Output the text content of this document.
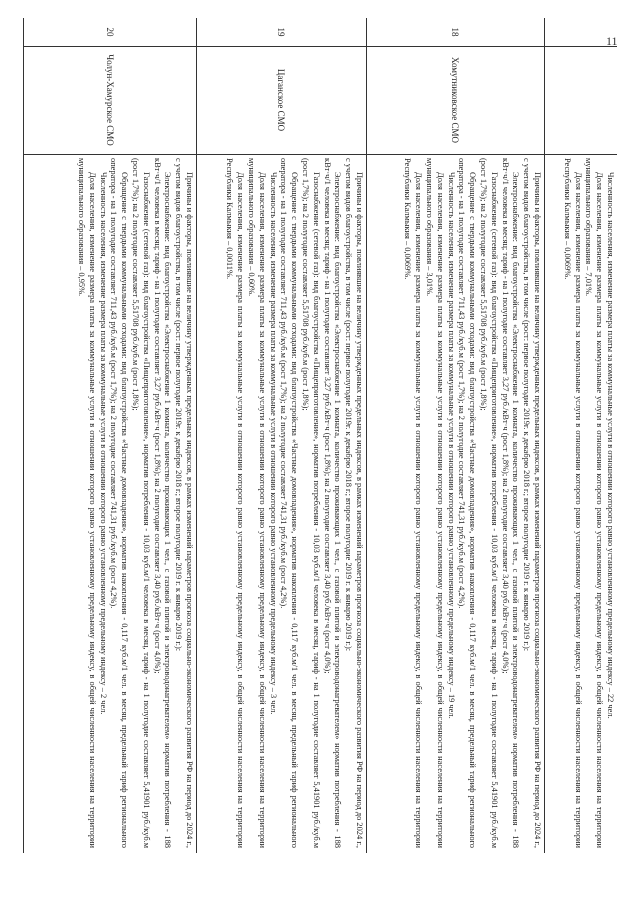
11

Численность населения, изменение размера платы за коммунальные услуги в отношении которого равно установленному предельному индексу – 22 чел.

Доля населения, изменение размера платы за коммунальные услуги в отношении которого равно установленному предельному индексу, в общей численности населения на территории муниципального образования – 7,01%.

Доля населения, изменение размера платы за коммунальные услуги в отношении которого равно установленному предельному индексу, в общей численности населения на территории Республики Калмыкия – 0,0069%.

18
Хомутниковское СМО

Причины и факторы, повлиявшие на величину утвержденных предельных индексов, в рамках изменений параметров прогноза социально-экономического развития РФ на период до 2024 г., с учетом видов благоустройства, в том числе (рост: первое полугодие 2019г. к декабрю 2018 г.; второе полугодие 2019 г. к январю 2019 г.):

Электроснабжение: вид благоустройства «Электроснабжение 1 комната, количество проживающих 1 чел., с газовой плитой и электроводонагревателем» норматив потребления - 188 кВт·ч/1 человека в месяц; тариф - на 1 полугодие составляет 3,27 руб./кВт·ч (рост 1,8%); на 2 полугодие составляет 3,40 руб./кВт·ч (рост 4,0%);

Газоснабжение (сетевой газ): вид благоустройства «Пищеприготовление», норматив потребления - 10,03 куб.м/1 человека в месяц, тариф - на 1 полугодие составляет 5,41901 руб./куб.м (рост 1,7%); на 2 полугодие составляет 5,51708 руб./куб.м (рост 1,8%);

Обращение с твердыми коммунальными отходами: вид благоустройства «Частные домовладения», норматив накопления - 0,117 куб.м/1 чел. в месяц, предельный тариф регионального оператора - на 1 полугодие составляет 711,43 руб./куб.м (рост 1,7%); на 2 полугодие составляет 741,31 руб./куб.м (рост 4,2%).

Численность населения, изменение размера платы за коммунальные услуги в отношении которого равно установленному предельному индексу – 19 чел.

Доля населения, изменение размера платы за коммунальные услуги в отношении которого равно установленному предельному индексу, в общей численности населения на территории муниципального образования – 3,01%.

Доля населения, изменение размера платы за коммунальные услуги в отношении которого равно установленному предельному индексу, в общей численности населения на территории Республики Калмыкия – 0,0069%.

19
Цаганское СМО

Причины и факторы, повлиявшие на величину утвержденных предельных индексов, в рамках изменений параметров прогноза социально-экономического развития РФ на период до 2024 г., с учетом видов благоустройства, в том числе (рост: первое полугодие 2019г. к декабрю 2018 г.; второе полугодие 2019 г. к январю 2019 г.):

Электроснабжение: вид благоустройства «Электроснабжение 1 комната, количество проживающих 1 чел., с газовой плитой и электроводонагревателем» норматив потребления - 188 кВт·ч/1 человека в месяц; тариф - на 1 полугодие составляет 3,27 руб./кВт·ч (рост 1,8%); на 2 полугодие составляет 3,40 руб./кВт·ч (рост 4,0%);

Газоснабжение (сетевой газ): вид благоустройства «Пищеприготовление», норматив потребления - 10,03 куб.м/1 человека в месяц, тариф - на 1 полугодие составляет 5,41901 руб./куб.м (рост 1,7%); на 2 полугодие составляет 5,51708 руб./куб.м (рост 1,8%);

Обращение с твердыми коммунальными отходами: вид благоустройства «Частные домовладения», норматив накопления - 0,117 куб.м/1 чел. в месяц, предельный тариф регионального оператора - на 1 полугодие составляет 711,43 руб./куб.м (рост 1,7%); на 2 полугодие составляет 741,31 руб./куб.м (рост 4,2%).

Численность населения, изменение размера платы за коммунальные услуги в отношении которого равно установленному предельному индексу – 3 чел.

Доля населения, изменение размера платы за коммунальные услуги в отношении которого равно установленному предельному индексу, в общей численности населения на территории муниципального образования – 0,60%.

Доля населения, изменение размера платы за коммунальные услуги в отношении которого равно установленному предельному индексу, в общей численности населения на территории Республики Калмыкия – 0,0011%.

20
Чолун-Хамурское СМО

Причины и факторы, повлиявшие на величину утвержденных предельных индексов, в рамках изменений параметров прогноза социально-экономического развития РФ на период до 2024 г., с учетом видов благоустройства, в том числе (рост: первое полугодие 2019г. к декабрю 2018 г.; второе полугодие 2019 г. к январю 2019 г.):

Электроснабжение: вид благоустройства «Электроснабжение 1 комната, количество проживающих 1 чел., с газовой плитой и электроводонагревателем» норматив потребления - 188 кВт·ч/1 человека в месяц; тариф - на 1 полугодие составляет 3,27 руб./кВт·ч (рост 1,8%); на 2 полугодие составляет 3,40 руб./кВт·ч (рост 4,0%);

Газоснабжение (сетевой газ): вид благоустройства «Пищеприготовление», норматив потребления - 10,03 куб.м/1 человека в месяц, тариф - на 1 полугодие составляет 5,41901 руб./куб.м (рост 1,7%); на 2 полугодие составляет 5,51708 руб./куб.м (рост 1,8%);

Обращение с твердыми коммунальными отходами: вид благоустройства «Частные домовладения», норматив накопления - 0,117 куб.м/1 чел. в месяц, предельный тариф регионального оператора - на 1 полугодие составляет 711,43 руб./куб.м (рост 1,7%); на 2 полугодие составляет 741,31 руб./куб.м (рост 4,2%).

Численность населения, изменение размера платы за коммунальные услуги в отношении которого равно установленному предельному индексу – 2 чел.

Доля населения, изменение размера платы за коммунальные услуги в отношении которого равно установленному предельному индексу, в общей численности населения на территории муниципального образования – 0,95%.
